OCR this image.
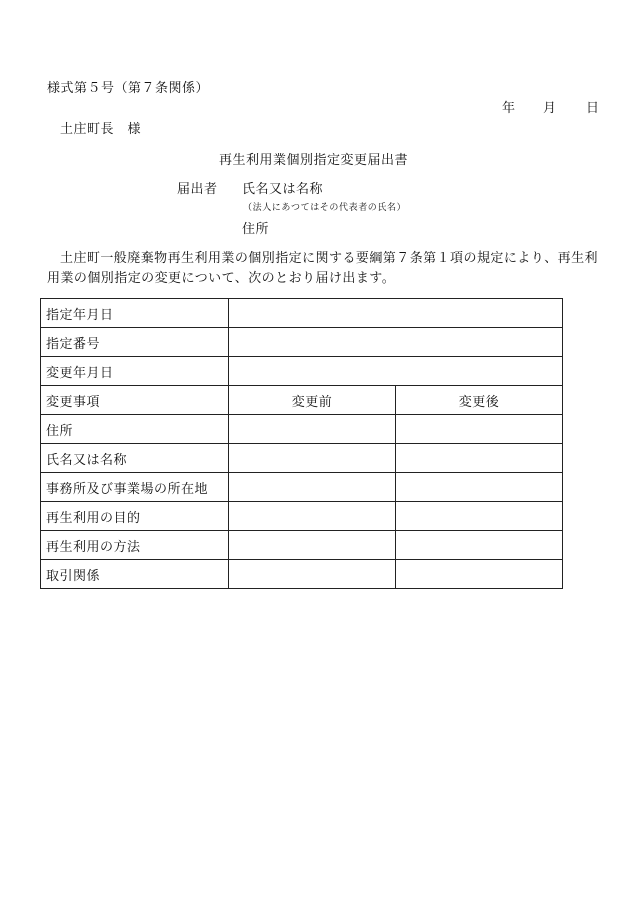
様式第５号（第７条関係）
年 月 日
土庄町長　様
再生利用業個別指定変更届出書
届出者 氏名又は名称
（法人にあつてはその代表者の氏名）
住所
土庄町一般廃棄物再生利用業の個別指定に関する要綱第７条第１項の規定により、再生利用業の個別指定の変更について、次のとおり届け出ます。
指定年月日		
指定番号		
変更年月日		
変更事項	変更前	変更後
住所		
氏名又は名称		
事務所及び事業場の所在地		
再生利用の目的		
再生利用の方法		
取引関係		
